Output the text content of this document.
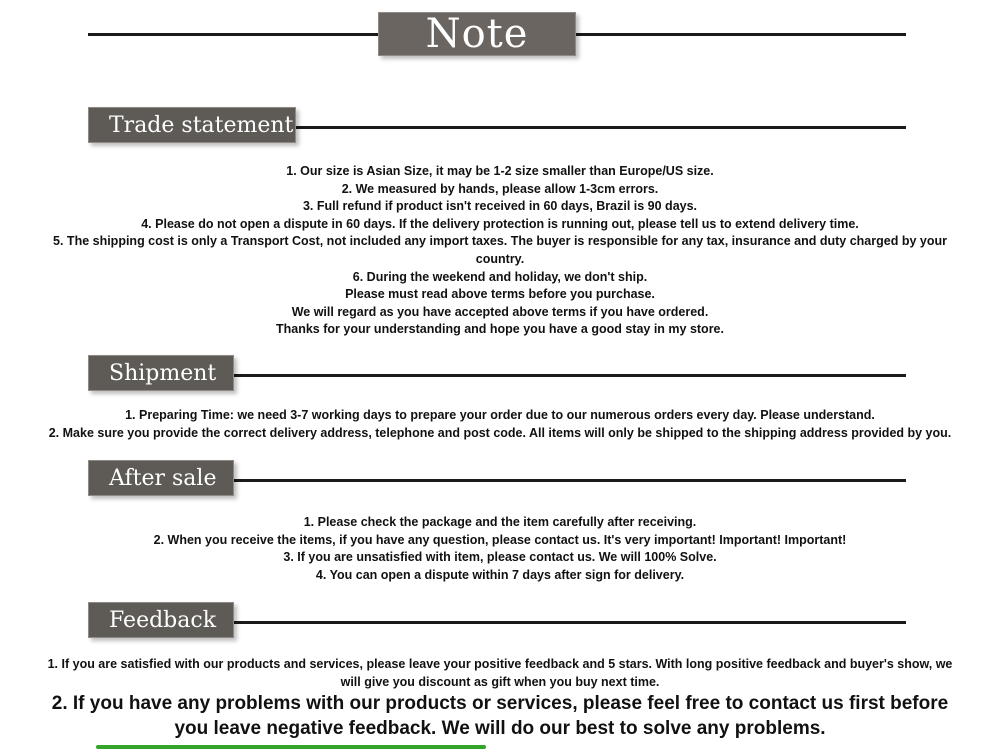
Note
Trade statement
1. Our size is Asian Size, it may be 1-2 size smaller than Europe/US size.
2. We measured by hands, please allow 1-3cm errors.
3. Full refund if product isn't received in 60 days, Brazil is 90 days.
4. Please do not open a dispute in 60 days. If the delivery protection is running out, please tell us to extend delivery time.
5. The shipping cost is only a Transport Cost, not included any import taxes. The buyer is responsible for any tax, insurance and duty charged by your
country.
6. During the weekend and holiday, we don't ship.
Please must read above terms before you purchase.
We will regard as you have accepted above terms if you have ordered.
Thanks for your understanding and hope you have a good stay in my store.
Shipment
1. Preparing Time: we need 3-7 working days to prepare your order due to our numerous orders every day. Please understand.
2. Make sure you provide the correct delivery address, telephone and post code. All items will only be shipped to the shipping address provided by you.
After sale
1. Please check the package and the item carefully after receiving.
2. When you receive the items, if you have any question, please contact us. It's very important! Important! Important!
3. If you are unsatisfied with item, please contact us. We will 100% Solve.
4. You can open a dispute within 7 days after sign for delivery.
Feedback
1. If you are satisfied with our products and services, please leave your positive feedback and 5 stars. With long positive feedback and buyer's show, we
will give you discount as gift when you buy next time.
2. If you have any problems with our products or services, please feel free to contact us first before
you leave negative feedback. We will do our best to solve any problems.
